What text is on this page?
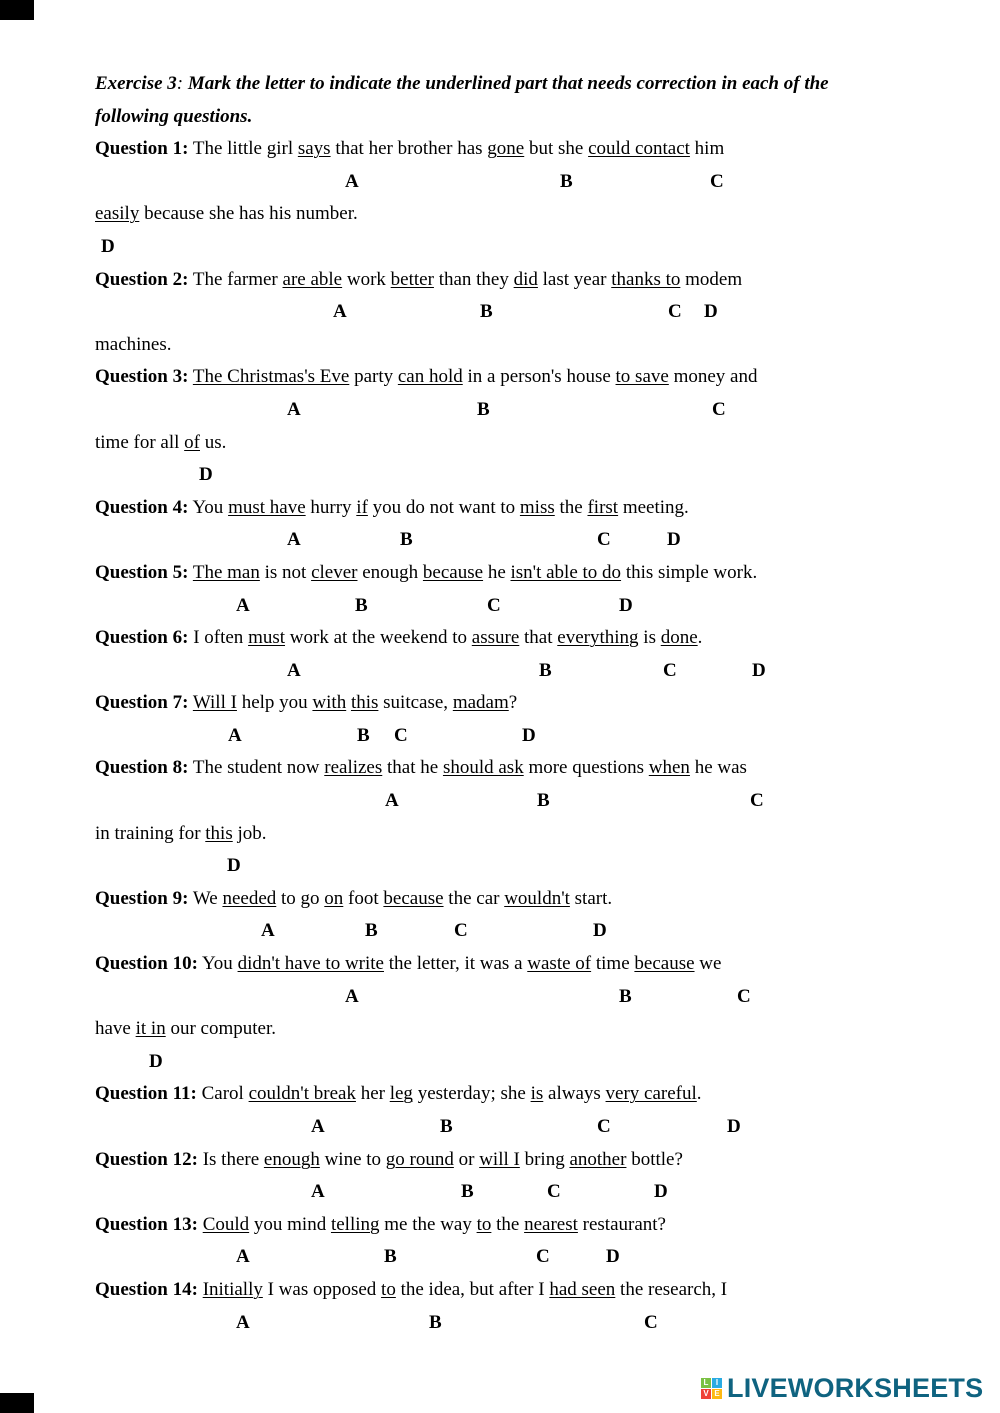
Exercise 3: Mark the letter to indicate the underlined part that needs correction in each of the
following questions.
Question 1: The little girl says that her brother has gone but she could contact him
A	B	C
easily because she has his number.
D
Question 2: The farmer are able work better than they did last year thanks to modem
A	B	C D
machines.
Question 3: The Christmas's Eve party can hold in a person's house to save money and
A	B	C
time for all of us.
D
Question 4: You must have hurry if you do not want to miss the first meeting.
A	B	C	D
Question 5: The man is not clever enough because he isn't able to do this simple work.
A	B	C	D
Question 6: I often must work at the weekend to assure that everything is done.
A	B	C	D
Question 7: Will I help you with this suitcase, madam?
A	B C	D
Question 8: The student now realizes that he should ask more questions when he was
A	B	C
in training for this job.
D
Question 9: We needed to go on foot because the car wouldn't start.
A	B	C	D
Question 10: You didn't have to write the letter, it was a waste of time because we
A	B	C
have it in our computer.
D
Question 11: Carol couldn't break her leg yesterday; she is always very careful.
A	B	C	D
Question 12: Is there enough wine to go round or will I bring another bottle?
A	B	C	D
Question 13: Could you mind telling me the way to the nearest restaurant?
A	B	C	D
Question 14: Initially I was opposed to the idea, but after I had seen the research, I
A	B	C
L I
V E LIVEWORKSHEETS
